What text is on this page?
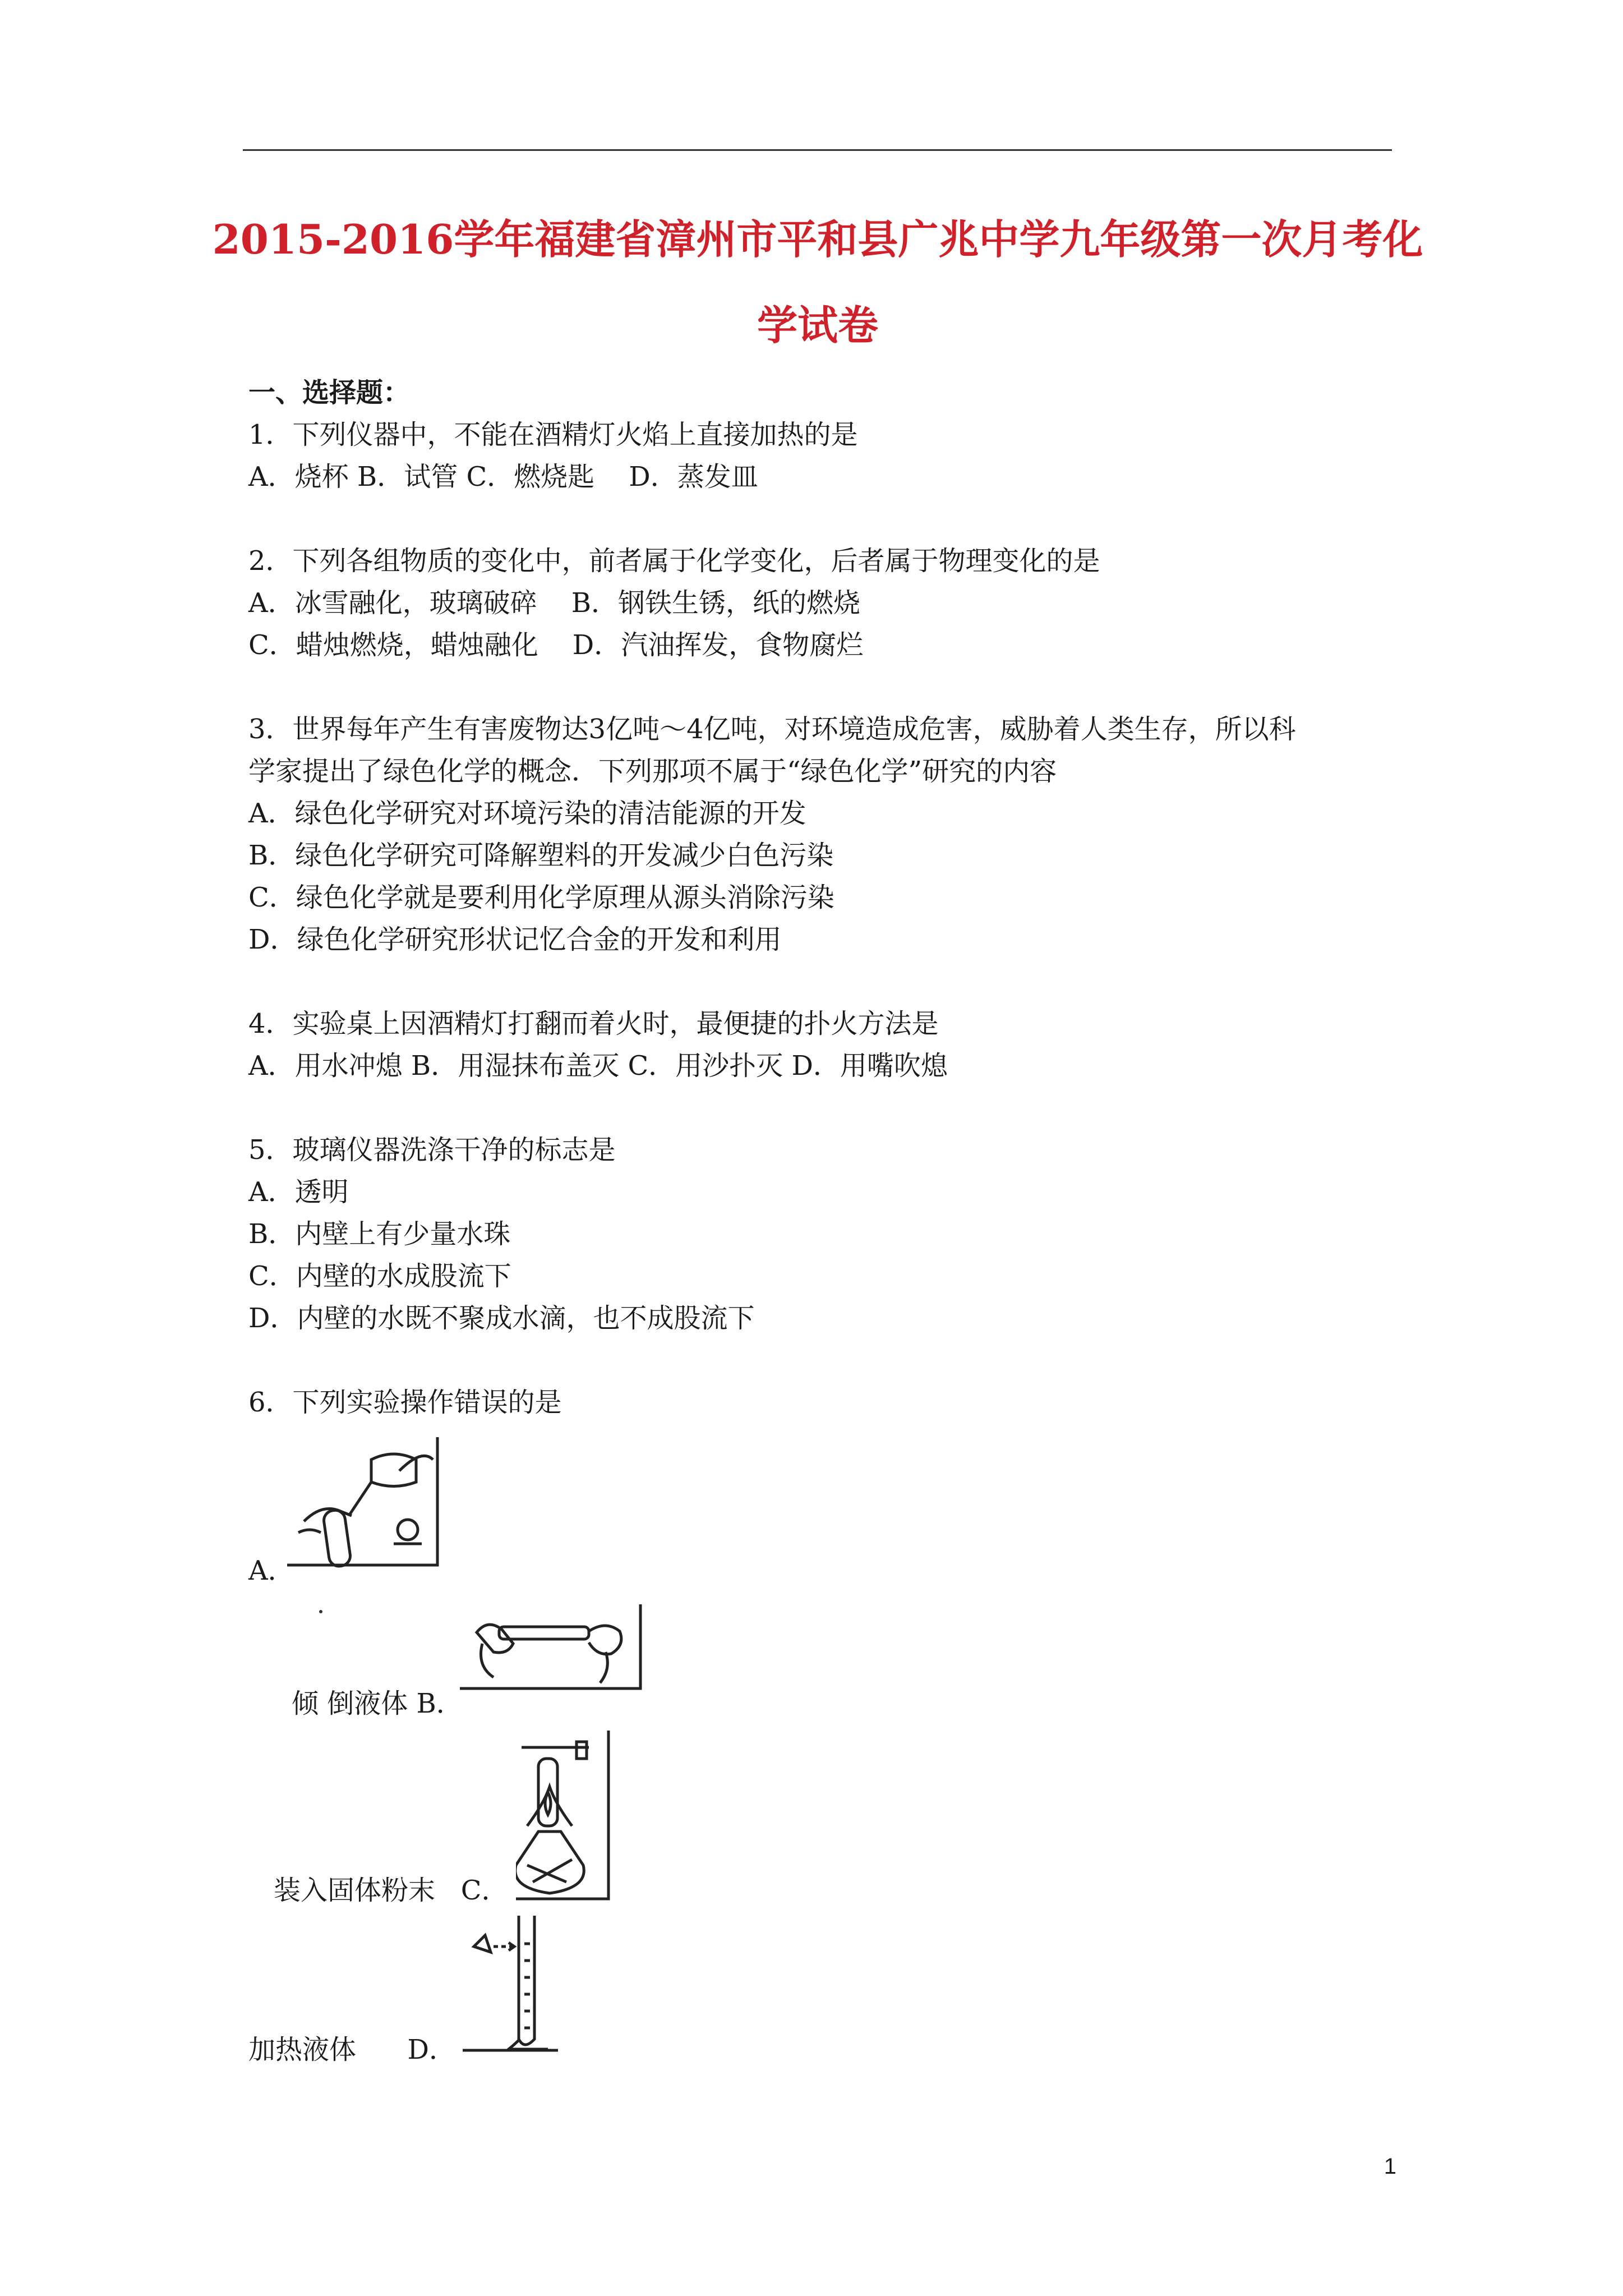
2015-2016学年福建省漳州市平和县广兆中学九年级第一次月考化
学试卷
一、选择题：
1．下列仪器中，不能在酒精灯火焰上直接加热的是
A．烧杯 B．试管 C．燃烧匙    D．蒸发皿
2．下列各组物质的变化中，前者属于化学变化，后者属于物理变化的是
A．冰雪融化，玻璃破碎    B．钢铁生锈，纸的燃烧
C．蜡烛燃烧，蜡烛融化    D．汽油挥发，食物腐烂
3．世界每年产生有害废物达3亿吨～4亿吨，对环境造成危害，威胁着人类生存，所以科
学家提出了绿色化学的概念．下列那项不属于“绿色化学”研究的内容
A．绿色化学研究对环境污染的清洁能源的开发
B．绿色化学研究可降解塑料的开发减少白色污染
C．绿色化学就是要利用化学原理从源头消除污染
D．绿色化学研究形状记忆合金的开发和利用
4．实验桌上因酒精灯打翻而着火时，最便捷的扑火方法是
A．用水冲熄 B．用湿抹布盖灭 C．用沙扑灭 D．用嘴吹熄
5．玻璃仪器洗涤干净的标志是
A．透明
B．内壁上有少量水珠
C．内壁的水成股流下
D．内壁的水既不聚成水滴，也不成股流下
6．下列实验操作错误的是
A．
倾 倒液体 B．
装入固体粉末   C．
加热液体      D．
1
